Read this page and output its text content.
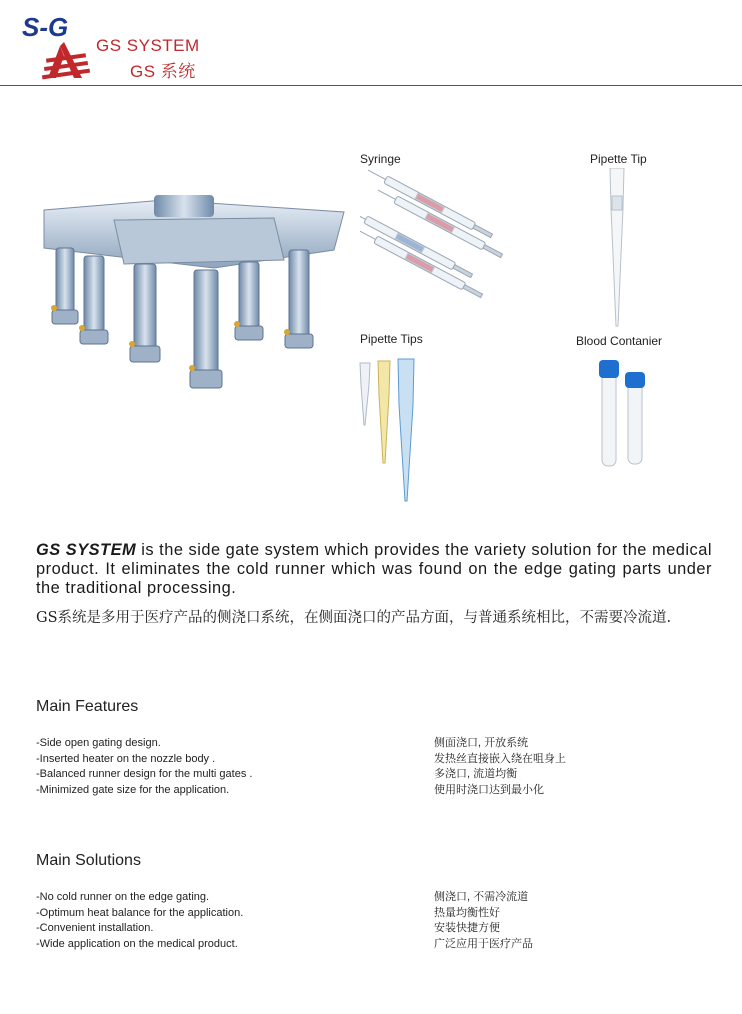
S-G
GS SYSTEM
GS 系统
Syringe	Pipette Tip
Pipette Tips	Blood Contanier

GS SYSTEM is the side gate system which provides the variety solution for the medical product. It eliminates the cold runner which was found on the edge gating parts under the traditional processing.

GS系统是多用于医疗产品的侧浇口系统，在侧面浇口的产品方面，与普通系统相比，不需要冷流道.

Main Features
-Side open gating design.
-Inserted heater on the nozzle body .
-Balanced runner design for the multi gates .
-Minimized gate size for the application.
侧面浇口, 开放系统
发热丝直接嵌入绕在咀身上
多浇口, 流道均衡
使用时浇口达到最小化
Main Solutions
-No cold runner on the edge gating.
-Optimum heat balance for the application.
-Convenient installation.
-Wide application on the medical product.
侧浇口, 不需冷流道
热量均衡性好
安装快捷方便
广泛应用于医疗产品
